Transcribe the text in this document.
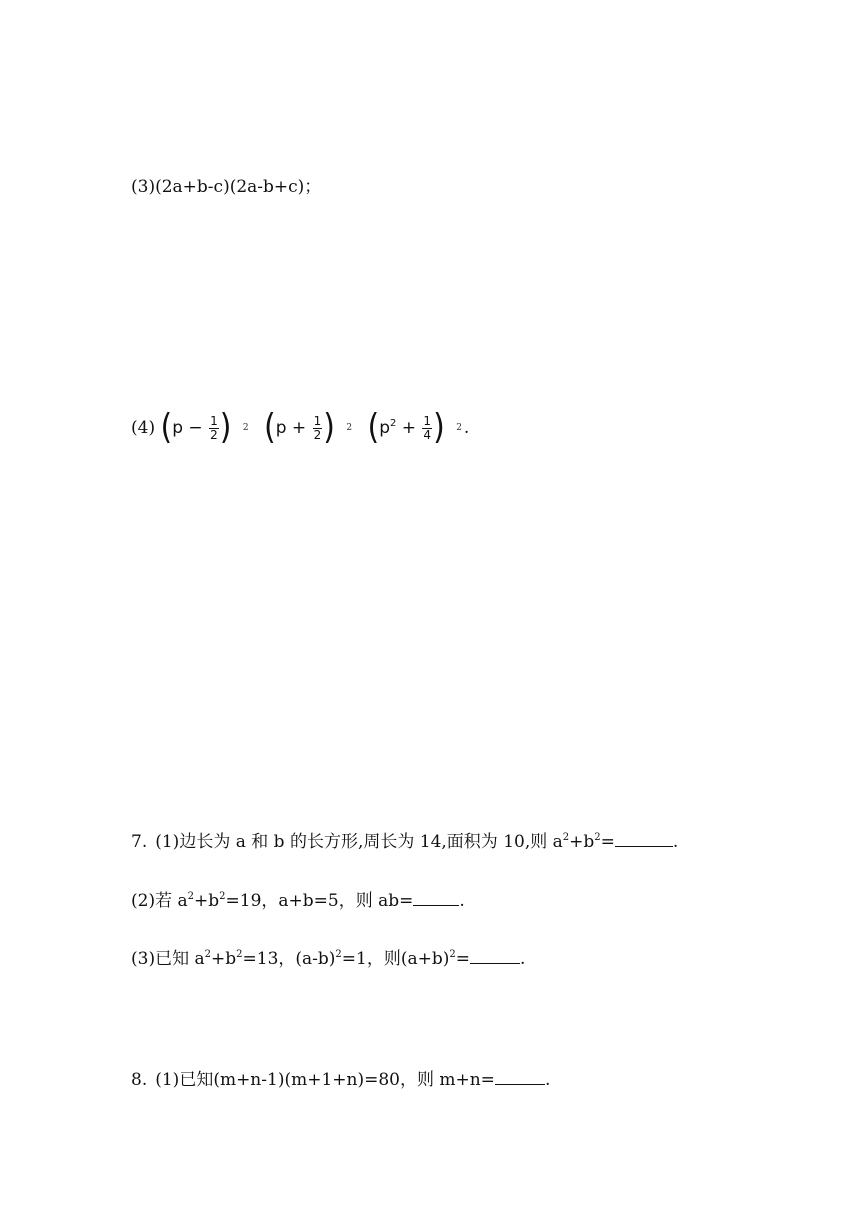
(3)(2a+b-c)(2a-b+c)；
(4) ($p - \frac{1}{2}$ ) $^2$ ($p + \frac{1}{2}$ ) $^2$ ($p^2 + \frac{1}{4}$ ) $^2$ .
7. (1)边长为 a 和 b 的长方形,周长为 14,面积为 10,则 $a^2+b^2=$	.
(2)若 $a^2+b^2=19$，a+b=5，则 ab=	.
(3)已知 $a^2+b^2=13$，$(a-b)^2=1$，则$(a+b)^2=$	.
8. (1)已知(m+n-1)(m+1+n)=80，则 m+n=	.
